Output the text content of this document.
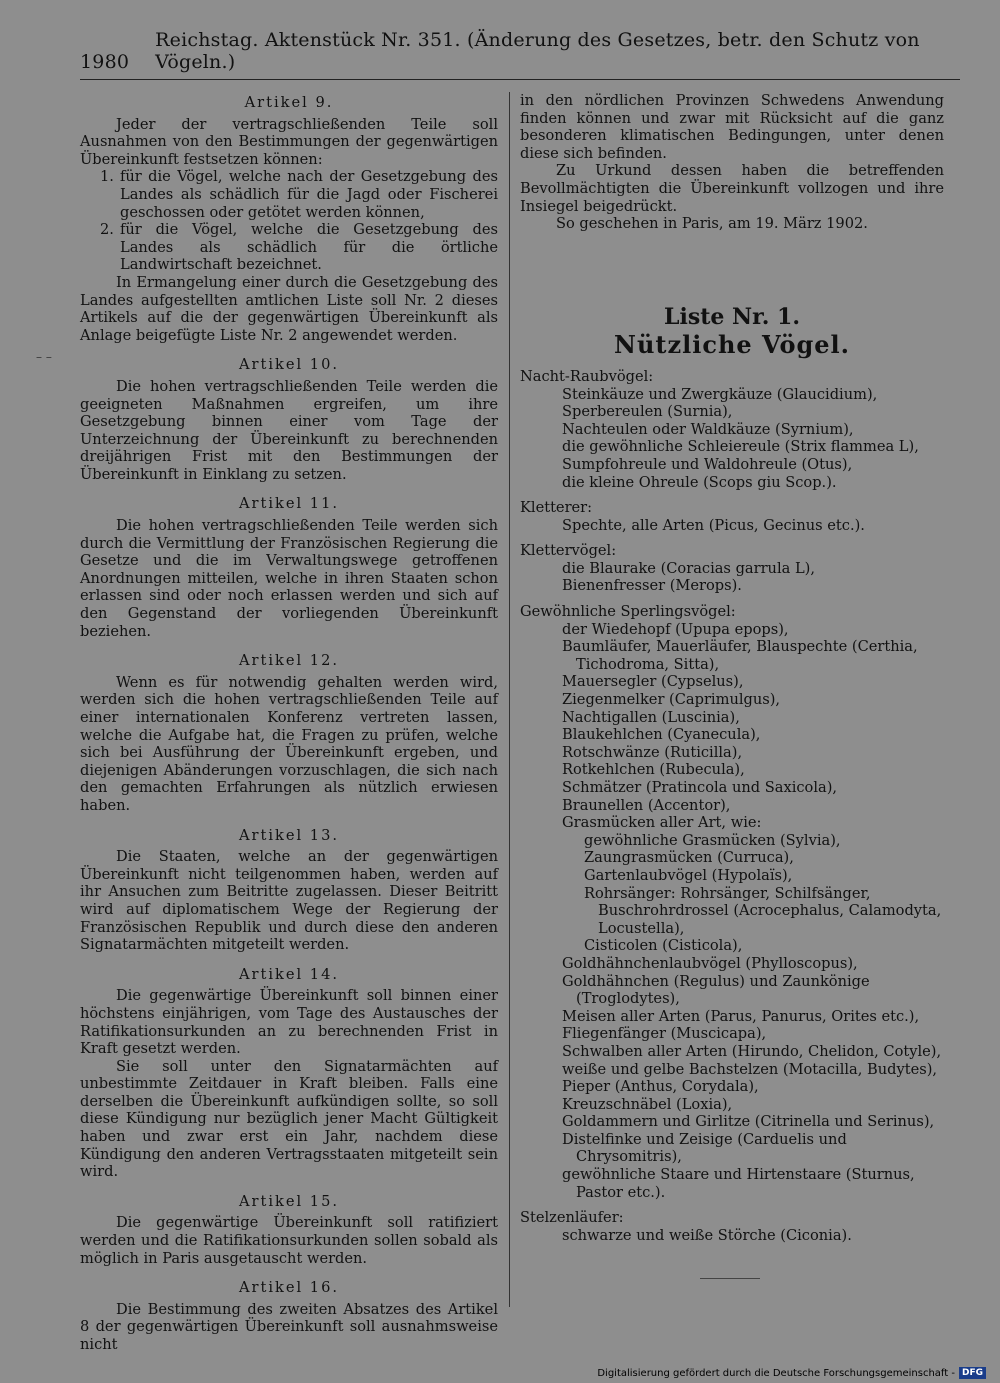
1980
Reichstag. Aktenstück Nr. 351. (Änderung des Gesetzes, betr. den Schutz von Vögeln.)
– –
Artikel 9.

Jeder der vertragschließenden Teile soll Ausnahmen von den Bestimmungen der gegenwärtigen Übereinkunft festsetzen können:

1. für die Vögel, welche nach der Gesetzgebung des Landes als schädlich für die Jagd oder Fischerei geschossen oder getötet werden können,
2. für die Vögel, welche die Gesetzgebung des Landes als schädlich für die örtliche Landwirtschaft bezeichnet.

In Ermangelung einer durch die Gesetzgebung des Landes aufgestellten amtlichen Liste soll Nr. 2 dieses Artikels auf die der gegenwärtigen Übereinkunft als Anlage beigefügte Liste Nr. 2 angewendet werden.

Artikel 10.

Die hohen vertragschließenden Teile werden die geeigneten Maßnahmen ergreifen, um ihre Gesetzgebung binnen einer vom Tage der Unterzeichnung der Übereinkunft zu berechnenden dreijährigen Frist mit den Bestimmungen der Übereinkunft in Einklang zu setzen.

Artikel 11.

Die hohen vertragschließenden Teile werden sich durch die Vermittlung der Französischen Regierung die Gesetze und die im Verwaltungswege getroffenen Anordnungen mitteilen, welche in ihren Staaten schon erlassen sind oder noch erlassen werden und sich auf den Gegenstand der vorliegenden Übereinkunft beziehen.

Artikel 12.

Wenn es für notwendig gehalten werden wird, werden sich die hohen vertragschließenden Teile auf einer internationalen Konferenz vertreten lassen, welche die Aufgabe hat, die Fragen zu prüfen, welche sich bei Ausführung der Übereinkunft ergeben, und diejenigen Abänderungen vorzuschlagen, die sich nach den gemachten Erfahrungen als nützlich erwiesen haben.

Artikel 13.

Die Staaten, welche an der gegenwärtigen Übereinkunft nicht teilgenommen haben, werden auf ihr Ansuchen zum Beitritte zugelassen. Dieser Beitritt wird auf diplomatischem Wege der Regierung der Französischen Republik und durch diese den anderen Signatarmächten mitgeteilt werden.

Artikel 14.

Die gegenwärtige Übereinkunft soll binnen einer höchstens einjährigen, vom Tage des Austausches der Ratifikationsurkunden an zu berechnenden Frist in Kraft gesetzt werden.

Sie soll unter den Signatarmächten auf unbestimmte Zeitdauer in Kraft bleiben. Falls eine derselben die Übereinkunft aufkündigen sollte, so soll diese Kündigung nur bezüglich jener Macht Gültigkeit haben und zwar erst ein Jahr, nachdem diese Kündigung den anderen Vertragsstaaten mitgeteilt sein wird.

Artikel 15.

Die gegenwärtige Übereinkunft soll ratifiziert werden und die Ratifikationsurkunden sollen sobald als möglich in Paris ausgetauscht werden.

Artikel 16.

Die Bestimmung des zweiten Absatzes des Artikel 8 der gegenwärtigen Übereinkunft soll ausnahmsweise nicht

in den nördlichen Provinzen Schwedens Anwendung finden können und zwar mit Rücksicht auf die ganz besonderen klimatischen Bedingungen, unter denen diese sich befinden.

Zu Urkund dessen haben die betreffenden Bevollmächtigten die Übereinkunft vollzogen und ihre Insiegel beigedrückt.

So geschehen in Paris, am 19. März 1902.

Liste Nr. 1.
Nützliche Vögel.
Nacht-Raubvögel:
Steinkäuze und Zwergkäuze (Glaucidium),
Sperbereulen (Surnia),
Nachteulen oder Waldkäuze (Syrnium),
die gewöhnliche Schleiereule (Strix flammea L),
Sumpfohreule und Waldohreule (Otus),
die kleine Ohreule (Scops giu Scop.).
Kletterer:
Spechte, alle Arten (Picus, Gecinus etc.).
Klettervögel:
die Blaurake (Coracias garrula L),
Bienenfresser (Merops).
Gewöhnliche Sperlingsvögel:
der Wiedehopf (Upupa epops),
Baumläufer, Mauerläufer, Blauspechte (Certhia, Tichodroma, Sitta),
Mauersegler (Cypselus),
Ziegenmelker (Caprimulgus),
Nachtigallen (Luscinia),
Blaukehlchen (Cyanecula),
Rotschwänze (Ruticilla),
Rotkehlchen (Rubecula),
Schmätzer (Pratincola und Saxicola),
Braunellen (Accentor),
Grasmücken aller Art, wie:
gewöhnliche Grasmücken (Sylvia),
Zaungrasmücken (Curruca),
Gartenlaubvögel (Hypolaïs),
Rohrsänger: Rohrsänger, Schilfsänger, Buschrohrdrossel (Acrocephalus, Calamodyta, Locustella),
Cisticolen (Cisticola),
Goldhähnchenlaubvögel (Phylloscopus),
Goldhähnchen (Regulus) und Zaunkönige (Troglodytes),
Meisen aller Arten (Parus, Panurus, Orites etc.),
Fliegenfänger (Muscicapa),
Schwalben aller Arten (Hirundo, Chelidon, Cotyle),
weiße und gelbe Bachstelzen (Motacilla, Budytes),
Pieper (Anthus, Corydala),
Kreuzschnäbel (Loxia),
Goldammern und Girlitze (Citrinella und Serinus),
Distelfinke und Zeisige (Carduelis und Chrysomitris),
gewöhnliche Staare und Hirtenstaare (Sturnus, Pastor etc.).
Stelzenläufer:
schwarze und weiße Störche (Ciconia).
Digitalisierung gefördert durch die Deutsche Forschungsgemeinschaft - DFG
